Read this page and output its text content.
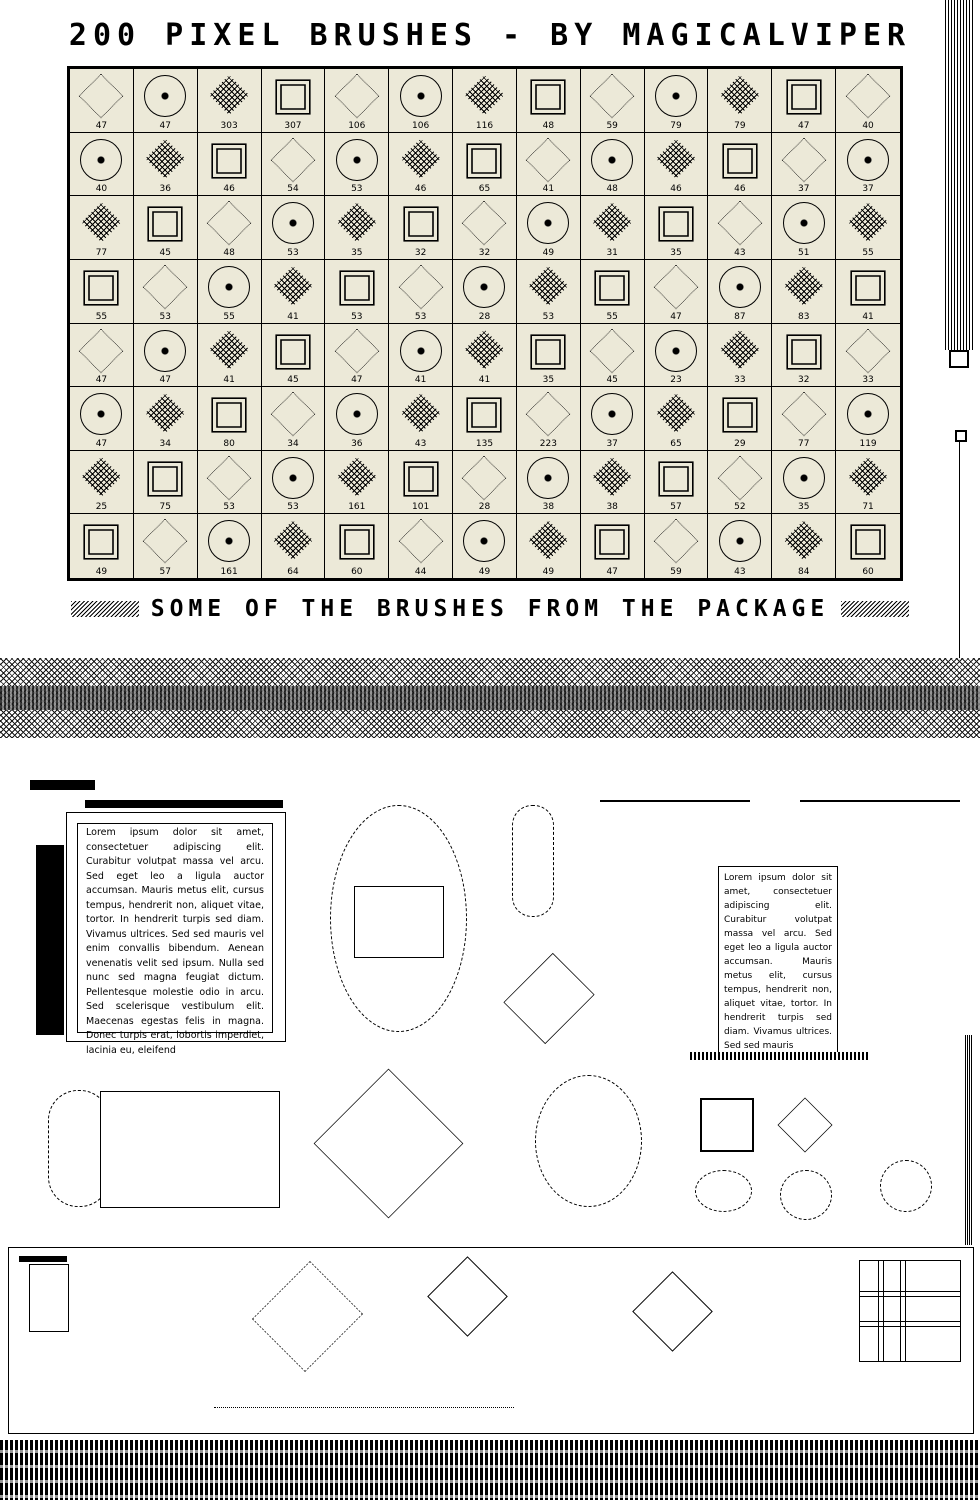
200 PIXEL BRUSHES - BY MAGICALVIPER
47	47	303	307	106	106	116	48	59	79	79	47	40
40	36	46	54	53	46	65	41	48	46	46	37	37
77	45	48	53	35	32	32	49	31	35	43	51	55
55	53	55	41	53	53	28	53	55	47	87	83	41
47	47	41	45	47	41	41	35	45	23	33	32	33
47	34	80	34	36	43	135	223	37	65	29	77	119
25	75	53	53	161	101	28	38	38	57	52	35	71
49	57	161	64	60	44	49	49	47	59	43	84	60
SOME OF THE BRUSHES FROM THE PACKAGE
Lorem ipsum dolor sit amet, consectetuer adipiscing elit. Curabitur volutpat massa vel arcu. Sed eget leo a ligula auctor accumsan. Mauris metus elit, cursus tempus, hendrerit non, aliquet vitae, tortor. In hendrerit turpis sed diam. Vivamus ultrices. Sed sed mauris vel enim convallis bibendum. Aenean venenatis velit sed ipsum. Nulla sed nunc sed magna feugiat dictum. Pellentesque molestie odio in arcu. Sed scelerisque vestibulum elit. Maecenas egestas felis in magna. Donec turpis erat, lobortis imperdiet, lacinia eu, eleifend
Lorem ipsum dolor sit amet, consectetuer adipiscing elit. Curabitur volutpat massa vel arcu. Sed eget leo a ligula auctor accumsan. Mauris metus elit, cursus tempus, hendrerit non, aliquet vitae, tortor. In hendrerit turpis sed diam. Vivamus ultrices. Sed sed mauris
